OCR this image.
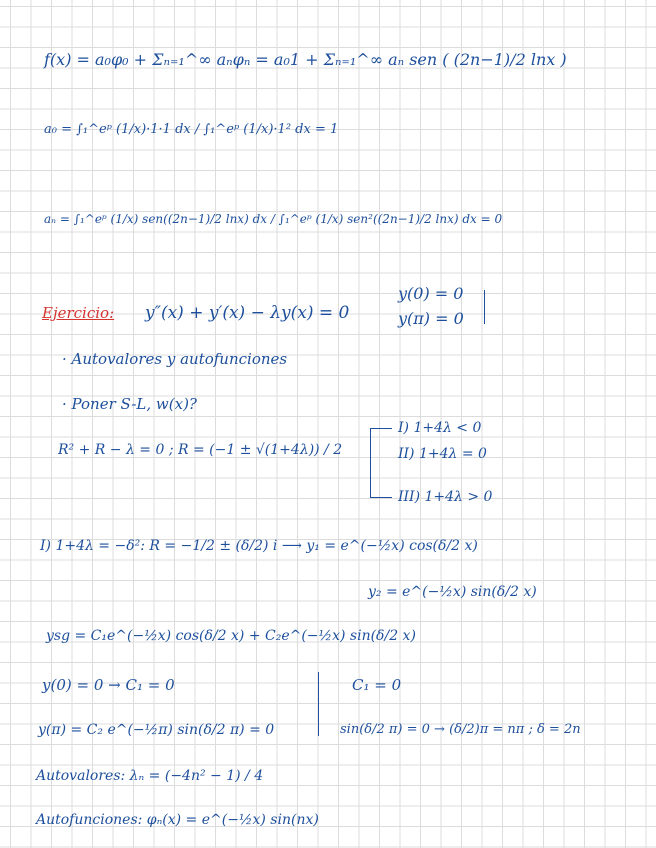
f(x) = a₀φ₀ + Σₙ₌₁^∞ aₙφₙ = a₀1 + Σₙ₌₁^∞ aₙ sen ( (2n−1)/2 lnx )
a₀ = ∫₁^eᵖ (1/x)·1·1 dx / ∫₁^eᵖ (1/x)·1² dx = 1
aₙ = ∫₁^eᵖ (1/x) sen((2n−1)/2 lnx) dx / ∫₁^eᵖ (1/x) sen²((2n−1)/2 lnx) dx = 0
Ejercicio: y″(x) + y′(x) − λy(x) = 0
y(0) = 0
y(π) = 0
· Autovalores y autofunciones
· Poner S-L, w(x)?
R² + R − λ = 0 ; R = (−1 ± √(1+4λ)) / 2
I) 1+4λ < 0
II) 1+4λ = 0
III) 1+4λ > 0
I) 1+4λ = −δ²: R = −1/2 ± (δ/2) i ⟶ y₁ = e^(−½x) cos(δ/2 x)
y₂ = e^(−½x) sin(δ/2 x)
ysg = C₁e^(−½x) cos(δ/2 x) + C₂e^(−½x) sin(δ/2 x)
y(0) = 0 → C₁ = 0	C₁ = 0
y(π) = C₂ e^(−½π) sin(δ/2 π) = 0	sin(δ/2 π) = 0 → (δ/2)π = nπ ; δ = 2n
Autovalores: λₙ = (−4n² − 1) / 4
Autofunciones: φₙ(x) = e^(−½x) sin(nx)
